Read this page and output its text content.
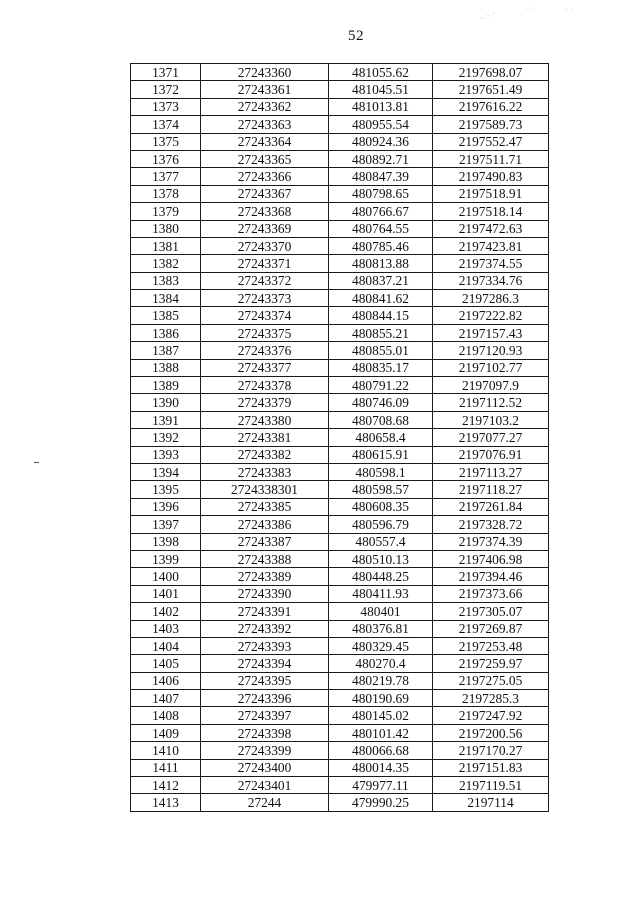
52
1371	27243360	481055.62	2197698.07
1372	27243361	481045.51	2197651.49
1373	27243362	481013.81	2197616.22
1374	27243363	480955.54	2197589.73
1375	27243364	480924.36	2197552.47
1376	27243365	480892.71	2197511.71
1377	27243366	480847.39	2197490.83
1378	27243367	480798.65	2197518.91
1379	27243368	480766.67	2197518.14
1380	27243369	480764.55	2197472.63
1381	27243370	480785.46	2197423.81
1382	27243371	480813.88	2197374.55
1383	27243372	480837.21	2197334.76
1384	27243373	480841.62	2197286.3
1385	27243374	480844.15	2197222.82
1386	27243375	480855.21	2197157.43
1387	27243376	480855.01	2197120.93
1388	27243377	480835.17	2197102.77
1389	27243378	480791.22	2197097.9
1390	27243379	480746.09	2197112.52
1391	27243380	480708.68	2197103.2
1392	27243381	480658.4	2197077.27
1393	27243382	480615.91	2197076.91
1394	27243383	480598.1	2197113.27
1395	2724338301	480598.57	2197118.27
1396	27243385	480608.35	2197261.84
1397	27243386	480596.79	2197328.72
1398	27243387	480557.4	2197374.39
1399	27243388	480510.13	2197406.98
1400	27243389	480448.25	2197394.46
1401	27243390	480411.93	2197373.66
1402	27243391	480401	2197305.07
1403	27243392	480376.81	2197269.87
1404	27243393	480329.45	2197253.48
1405	27243394	480270.4	2197259.97
1406	27243395	480219.78	2197275.05
1407	27243396	480190.69	2197285.3
1408	27243397	480145.02	2197247.92
1409	27243398	480101.42	2197200.56
1410	27243399	480066.68	2197170.27
1411	27243400	480014.35	2197151.83
1412	27243401	479977.11	2197119.51
1413	27244	479990.25	2197114
